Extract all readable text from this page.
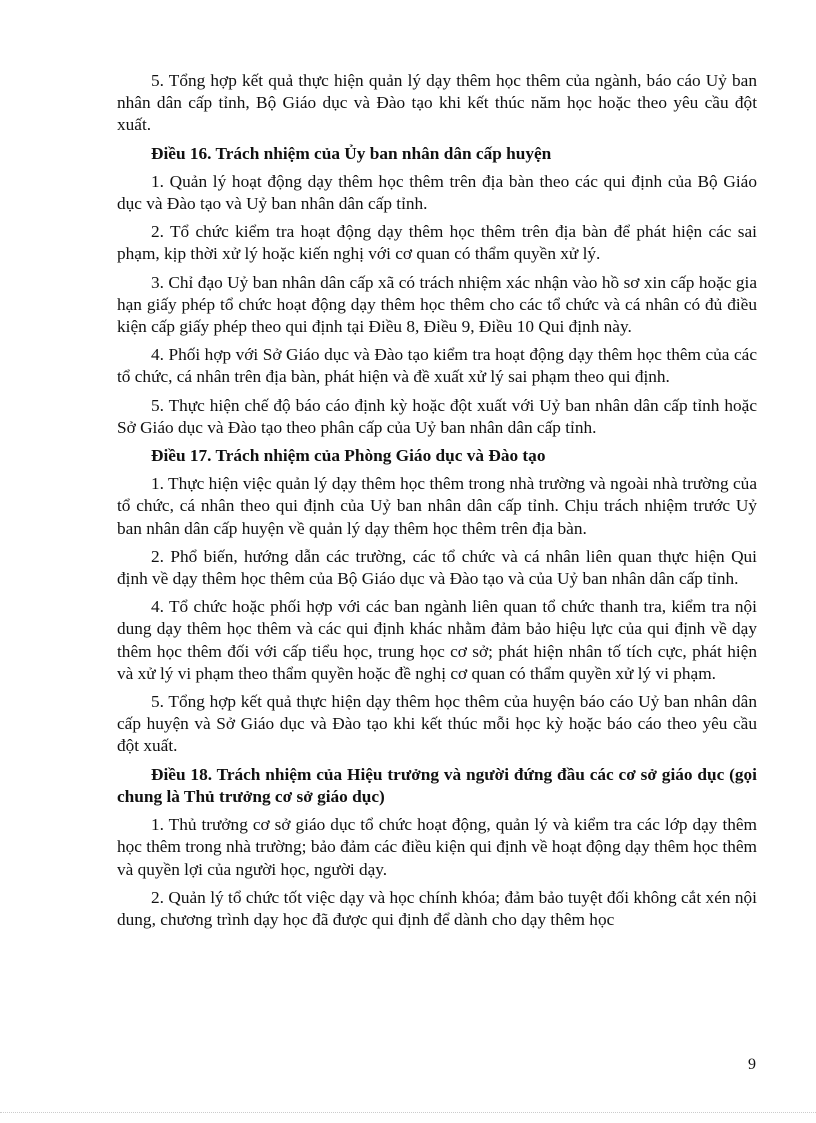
5. Tổng hợp kết quả thực hiện quản lý dạy thêm học thêm của ngành, báo cáo Uỷ ban nhân dân cấp tỉnh, Bộ Giáo dục và Đào tạo khi kết thúc năm học hoặc theo yêu cầu đột xuất.

Điều 16. Trách nhiệm của Ủy ban nhân dân cấp huyện

1. Quản lý hoạt động dạy thêm học thêm trên địa bàn theo các qui định của Bộ Giáo dục và Đào tạo và Uỷ ban nhân dân cấp tỉnh.

2. Tổ chức kiểm tra hoạt động dạy thêm học thêm trên địa bàn để phát hiện các sai phạm, kịp thời xử lý hoặc kiến nghị với cơ quan có thẩm quyền xử lý.

3. Chỉ đạo Uỷ ban nhân dân cấp xã có trách nhiệm xác nhận vào hồ sơ xin cấp hoặc gia hạn giấy phép tổ chức hoạt động dạy thêm học thêm cho các tổ chức và cá nhân có đủ điều kiện cấp giấy phép theo qui định tại Điều 8, Điều 9, Điều 10 Qui định này.

4. Phối hợp với Sở Giáo dục và Đào tạo kiểm tra hoạt động dạy thêm học thêm của các tổ chức, cá nhân trên địa bàn, phát hiện và đề xuất xử lý sai phạm theo qui định.

5. Thực hiện chế độ báo cáo định kỳ hoặc đột xuất với Uỷ ban nhân dân cấp tỉnh hoặc Sở Giáo dục và Đào tạo theo phân cấp của Uỷ ban nhân dân cấp tỉnh.

Điều 17. Trách nhiệm của Phòng Giáo dục và Đào tạo

1. Thực hiện việc quản lý dạy thêm học thêm trong nhà trường và ngoài nhà trường của tổ chức, cá nhân theo qui định của Uỷ ban nhân dân cấp tỉnh. Chịu trách nhiệm trước Uỷ ban nhân dân cấp huyện về quản lý dạy thêm học thêm trên địa bàn.

2. Phổ biến, hướng dẫn các trường, các tổ chức và cá nhân liên quan thực hiện Qui định về dạy thêm học thêm của Bộ Giáo dục và Đào tạo và của Uỷ ban nhân dân cấp tỉnh.

4. Tổ chức hoặc phối hợp với các ban ngành liên quan tổ chức thanh tra, kiểm tra nội dung dạy thêm học thêm và các qui định khác nhằm đảm bảo hiệu lực của qui định về dạy thêm học thêm đối với cấp tiểu học, trung học cơ sở; phát hiện nhân tố tích cực, phát hiện và xử lý vi phạm theo thẩm quyền hoặc đề nghị cơ quan có thẩm quyền xử lý vi phạm.

5. Tổng hợp kết quả thực hiện dạy thêm học thêm của huyện báo cáo Uỷ ban nhân dân cấp huyện và Sở Giáo dục và Đào tạo khi kết thúc mỗi học kỳ hoặc báo cáo theo yêu cầu đột xuất.

Điều 18. Trách nhiệm của Hiệu trưởng và người đứng đầu các cơ sở giáo dục (gọi chung là Thủ trưởng cơ sở giáo dục)

1. Thủ trưởng cơ sở giáo dục tổ chức hoạt động, quản lý và kiểm tra các lớp dạy thêm học thêm trong nhà trường; bảo đảm các điều kiện qui định về hoạt động dạy thêm học thêm và quyền lợi của người học, người dạy.

2. Quản lý tổ chức tốt việc dạy và học chính khóa; đảm bảo tuyệt đối không cắt xén nội dung, chương trình dạy học đã được qui định để dành cho dạy thêm học

9
